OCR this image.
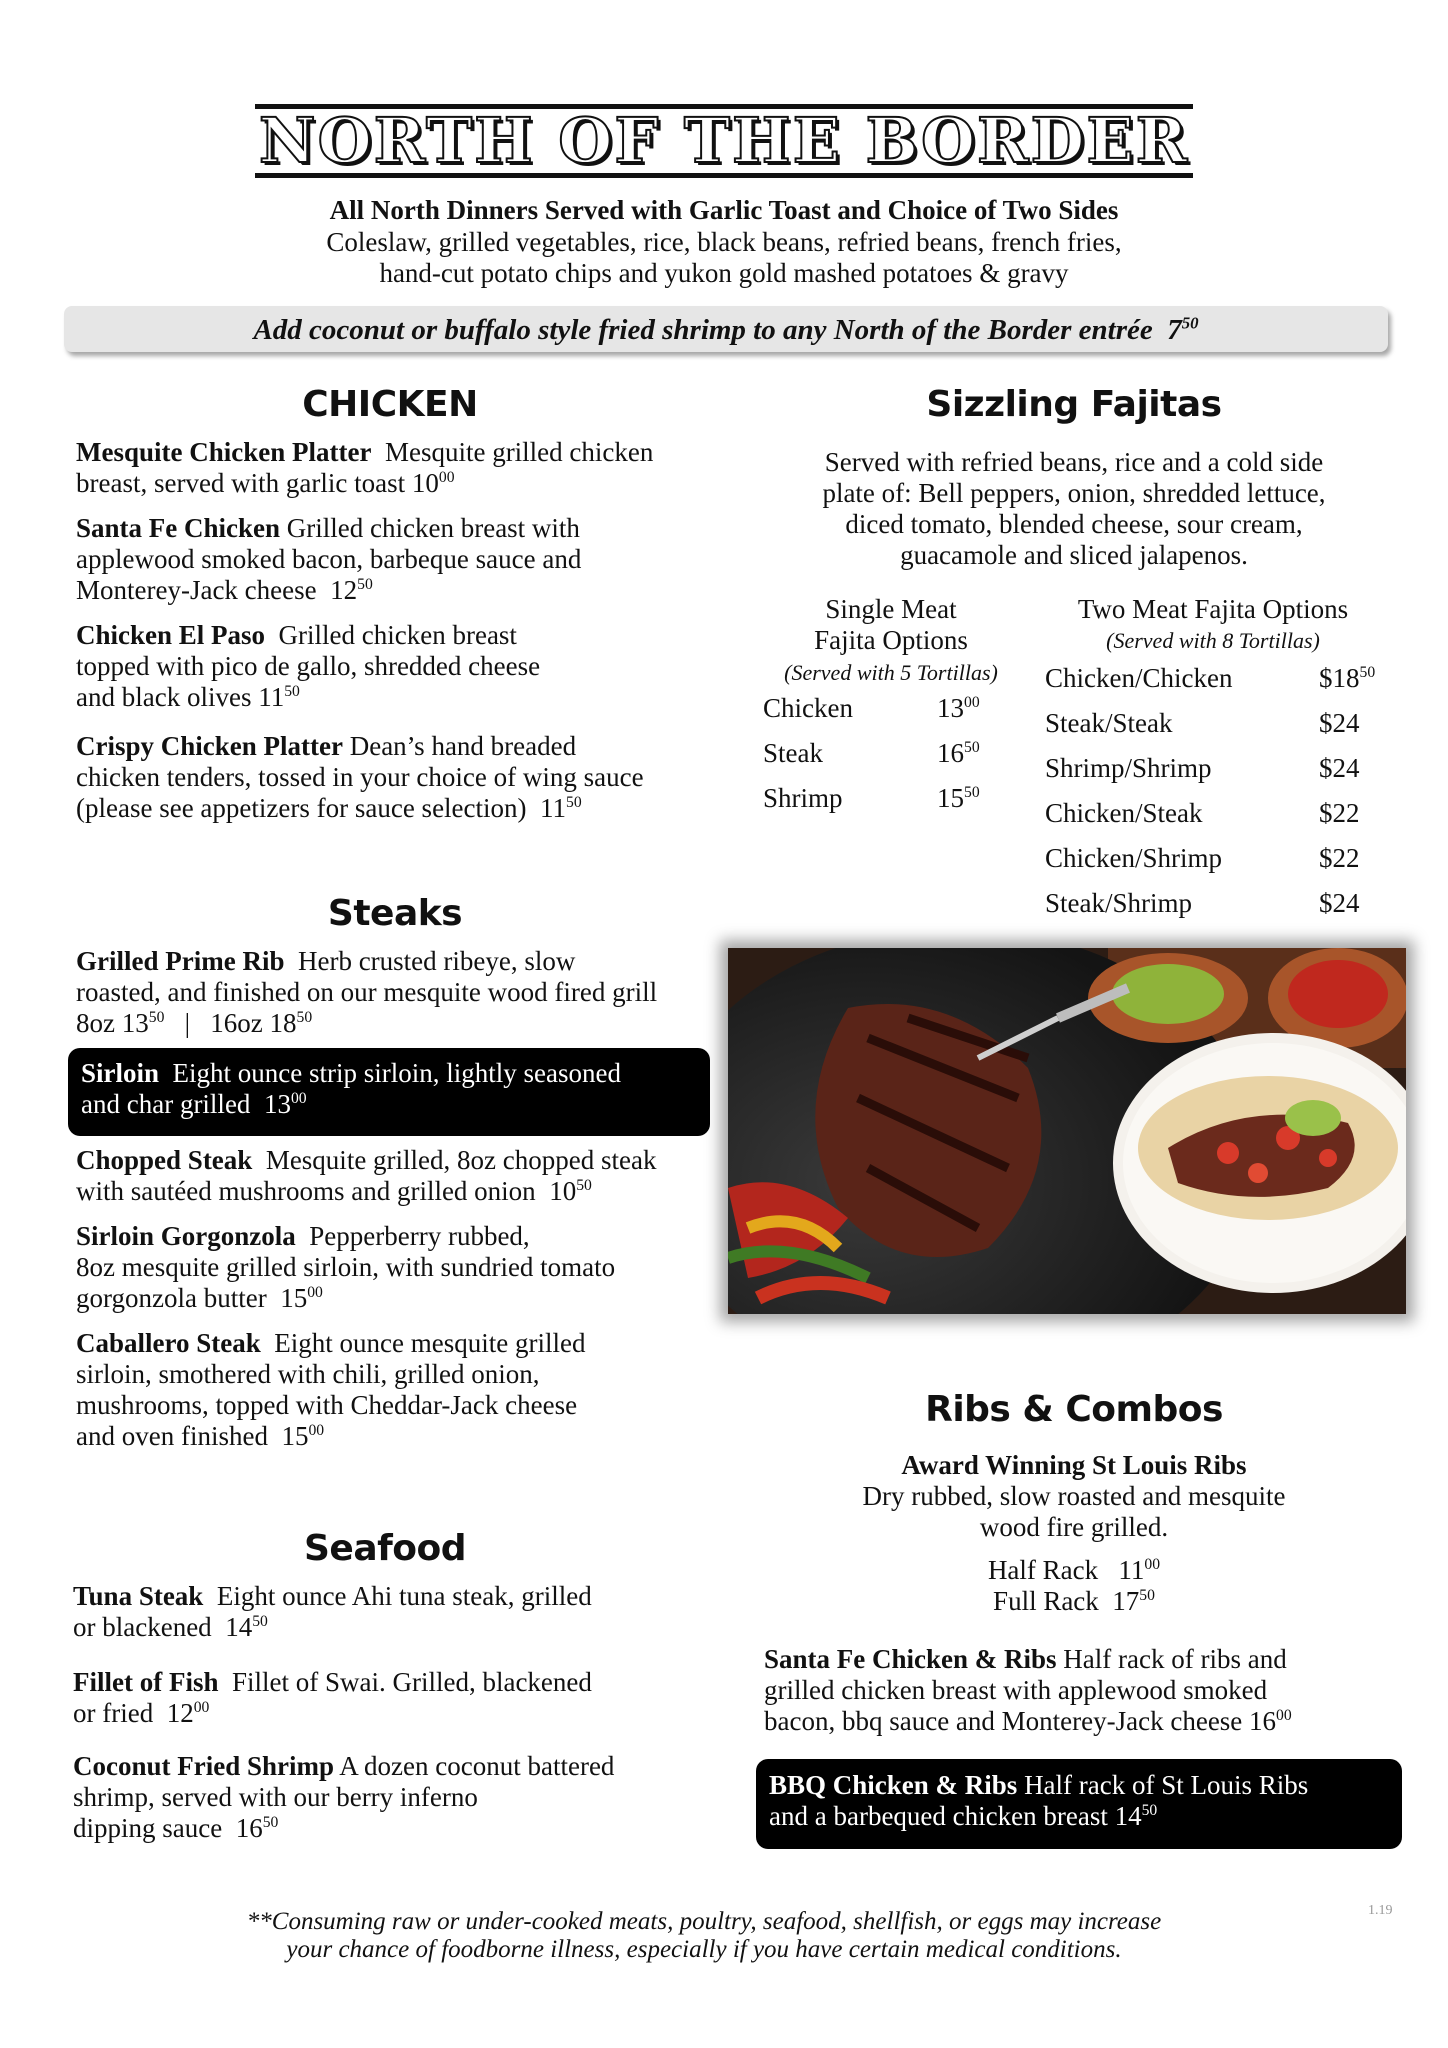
NORTH OF THE BORDER
All North Dinners Served with Garlic Toast and Choice of Two Sides
Coleslaw, grilled vegetables, rice, black beans, refried beans, french fries,
hand-cut potato chips and yukon gold mashed potatoes & gravy
Add coconut or buffalo style fried shrimp to any North of the Border entrée $7^{50}$
CHICKEN
Mesquite Chicken Platter Mesquite grilled chicken
breast, served with garlic toast $10^{00}$
Santa Fe Chicken Grilled chicken breast with
applewood smoked bacon, barbeque sauce and
Monterey-Jack cheese $12^{50}$
Chicken El Paso Grilled chicken breast
topped with pico de gallo, shredded cheese
and black olives $11^{50}$
Crispy Chicken Platter Dean’s hand breaded
chicken tenders, tossed in your choice of wing sauce
(please see appetizers for sauce selection) $11^{50}$
Steaks
Grilled Prime Rib Herb crusted ribeye, slow
roasted, and finished on our mesquite wood fired grill
8oz $13^{50}$ | 16oz $18^{50}$
Sirloin Eight ounce strip sirloin, lightly seasoned
and char grilled $13^{00}$
Chopped Steak Mesquite grilled, 8oz chopped steak
with sautéed mushrooms and grilled onion $10^{50}$
Sirloin Gorgonzola Pepperberry rubbed,
8oz mesquite grilled sirloin, with sundried tomato
gorgonzola butter $15^{00}$
Caballero Steak Eight ounce mesquite grilled
sirloin, smothered with chili, grilled onion,
mushrooms, topped with Cheddar-Jack cheese
and oven finished $15^{00}$
Seafood
Tuna Steak Eight ounce Ahi tuna steak, grilled
or blackened $14^{50}$
Fillet of Fish Fillet of Swai. Grilled, blackened
or fried $12^{00}$
Coconut Fried Shrimp A dozen coconut battered
shrimp, served with our berry inferno
dipping sauce $16^{50}$
Sizzling Fajitas
Served with refried beans, rice and a cold side
plate of: Bell peppers, onion, shredded lettuce,
diced tomato, blended cheese, sour cream,
guacamole and sliced jalapenos.
Single Meat
Fajita Options
(Served with 5 Tortillas)
Chicken	$13^{00}$
Steak	$16^{50}$
Shrimp	$15^{50}$
Two Meat Fajita Options
(Served with 8 Tortillas)
Chicken/Chicken	$\$18^{50}$
Steak/Steak	$24
Shrimp/Shrimp	$24
Chicken/Steak	$22
Chicken/Shrimp	$22
Steak/Shrimp	$24
Ribs & Combos
Award Winning St Louis Ribs
Dry rubbed, slow roasted and mesquite
wood fire grilled.
Half Rack $11^{00}$
Full Rack $17^{50}$
Santa Fe Chicken & Ribs Half rack of ribs and
grilled chicken breast with applewood smoked
bacon, bbq sauce and Monterey-Jack cheese $16^{00}$
BBQ Chicken & Ribs Half rack of St Louis Ribs
and a barbequed chicken breast $14^{50}$
**Consuming raw or under-cooked meats, poultry, seafood, shellfish, or eggs may increase
your chance of foodborne illness, especially if you have certain medical conditions.
1.19
